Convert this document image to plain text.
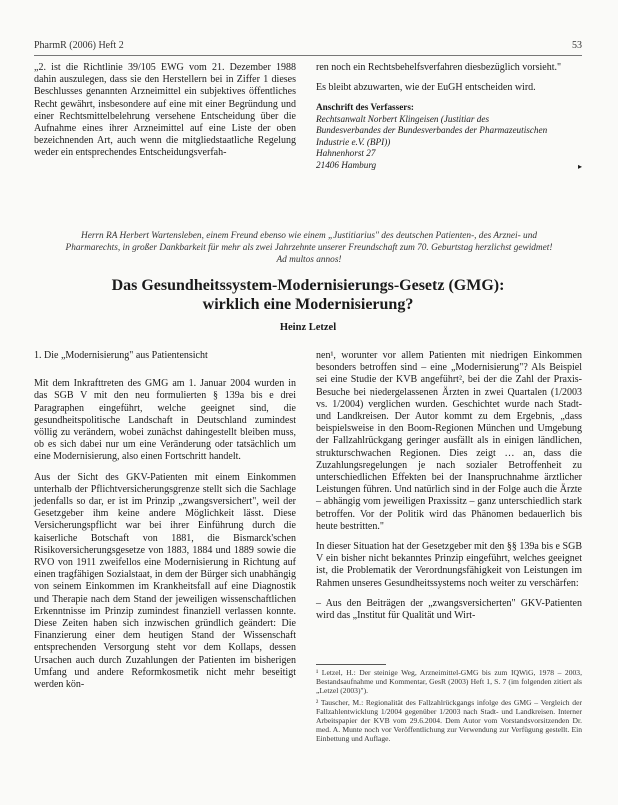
PharmR (2006) Heft 2	53

„2. ist die Richtlinie 39/105 EWG vom 21. Dezember 1988 dahin auszulegen, dass sie den Herstellern bei in Ziffer 1 dieses Beschlusses genannten Arzneimittel ein subjektives öffentliches Recht gewährt, insbesondere auf eine mit einer Begründung und einer Rechtsmittelbelehrung versehene Entscheidung über die Aufnahme eines ihrer Arzneimittel auf eine Liste der oben bezeichnenden Art, auch wenn die mitgliedstaatliche Regelung weder ein entsprechendes Entscheidungsverfah-

ren noch ein Rechtsbehelfsverfahren diesbezüglich vorsieht."

Es bleibt abzuwarten, wie der EuGH entscheiden wird.

Anschrift des Verfassers:
Rechtsanwalt Norbert Klingeisen (Justitiar des
Bundesverbandes der Bundesverbandes der Pharmazeutischen
Industrie e.V. (BPI))
Hahnenhorst 27
21406 Hamburg	▸
Herrn RA Herbert Wartensleben, einem Freund ebenso wie einem „Justitiarius" des deutschen Patienten-, des Arznei- und Pharmarechts, in großer Dankbarkeit für mehr als zwei Jahrzehnte unserer Freundschaft zum 70. Geburtstag herzlichst gewidmet! Ad multos annos!
Das Gesundheitssystem-Modernisierungs-Gesetz (GMG):
wirklich eine Modernisierung?
Heinz Letzel
1. Die „Modernisierung" aus Patientensicht

Mit dem Inkrafttreten des GMG am 1. Januar 2004 wurden in das SGB V mit den neu formulierten § 139a bis e drei Paragraphen eingeführt, welche geeignet sind, die gesundheitspolitische Landschaft in Deutschland zumindest völlig zu verändern, wobei zunächst dahingestellt bleiben muss, ob es sich dabei nur um eine Veränderung oder tatsächlich um eine Modernisierung, also einen Fortschritt handelt.

Aus der Sicht des GKV-Patienten mit einem Einkommen unterhalb der Pflichtversicherungsgrenze stellt sich die Sachlage jedenfalls so dar, er ist im Prinzip „zwangsversichert", weil der Gesetzgeber ihm keine andere Möglichkeit lässt. Diese Versicherungspflicht war bei ihrer Einführung durch die kaiserliche Botschaft von 1881, die Bismarck'schen Risikoversicherungsgesetze von 1883, 1884 und 1889 sowie die RVO von 1911 zweifellos eine Modernisierung in Richtung auf einen tragfähigen Sozialstaat, in dem der Bürger sich unabhängig von seinem Einkommen im Krankheitsfall auf eine Diagnostik und Therapie nach dem Stand der jeweiligen wissenschaftlichen Erkenntnisse im Prinzip zumindest finanziell verlassen konnte. Diese Zeiten haben sich inzwischen gründlich geändert: Die Finanzierung einer dem heutigen Stand der Wissenschaft entsprechenden Versorgung steht vor dem Kollaps, dessen Ursachen auch durch Zuzahlungen der Patienten im bisherigen Umfang und andere Reformkosmetik nicht mehr beseitigt werden kön-

nen¹, worunter vor allem Patienten mit niedrigen Einkommen besonders betroffen sind – eine „Modernisierung"? Als Beispiel sei eine Studie der KVB angeführt², bei der die Zahl der Praxis-Besuche bei niedergelassenen Ärzten in zwei Quartalen (1/2003 vs. 1/2004) verglichen wurden. Geschichtet wurde nach Stadt- und Landkreisen. Der Autor kommt zu dem Ergebnis, „dass beispielsweise in den Boom-Regionen München und Umgebung der Fallzahlrückgang geringer ausfällt als in einigen ländlichen, strukturschwachen Regionen. Dies zeigt … an, dass die Zuzahlungsregelungen je nach sozialer Betroffenheit zu unterschiedlichen Effekten bei der Inanspruchnahme ärztlicher Leistungen führen. Und natürlich sind in der Folge auch die Ärzte – abhängig vom jeweiligen Praxissitz – ganz unterschiedlich stark betroffen. Vor der Politik wird das Phänomen bedauerlich bis heute bestritten."

In dieser Situation hat der Gesetzgeber mit den §§ 139a bis e SGB V ein bisher nicht bekanntes Prinzip eingeführt, welches geeignet ist, die Problematik der Verordnungsfähigkeit von Leistungen im Rahmen unseres Gesundheitssystems noch weiter zu verschärfen:

– Aus den Beiträgen der „zwangsversicherten" GKV-Patienten wird das „Institut für Qualität und Wirt-

¹ Letzel, H.: Der steinige Weg, Arzneimittel-GMG bis zum IQWiG, 1978 – 2003, Bestandsaufnahme und Kommentar, GesR (2003) Heft 1, S. 7 (im folgenden zitiert als „Letzel (2003)").

² Tauscher, M.: Regionalität des Fallzahlrückgangs infolge des GMG – Vergleich der Fallzahlentwicklung 1/2004 gegenüber 1/2003 nach Stadt- und Landkreisen. Interner Arbeitspapier der KVB vom 29.6.2004. Dem Autor vom Vorstandsvorsitzenden Dr. med. A. Munte noch vor Veröffentlichung zur Verwendung zur Verfügung gestellt. Ein Einbettung und Auflage.
